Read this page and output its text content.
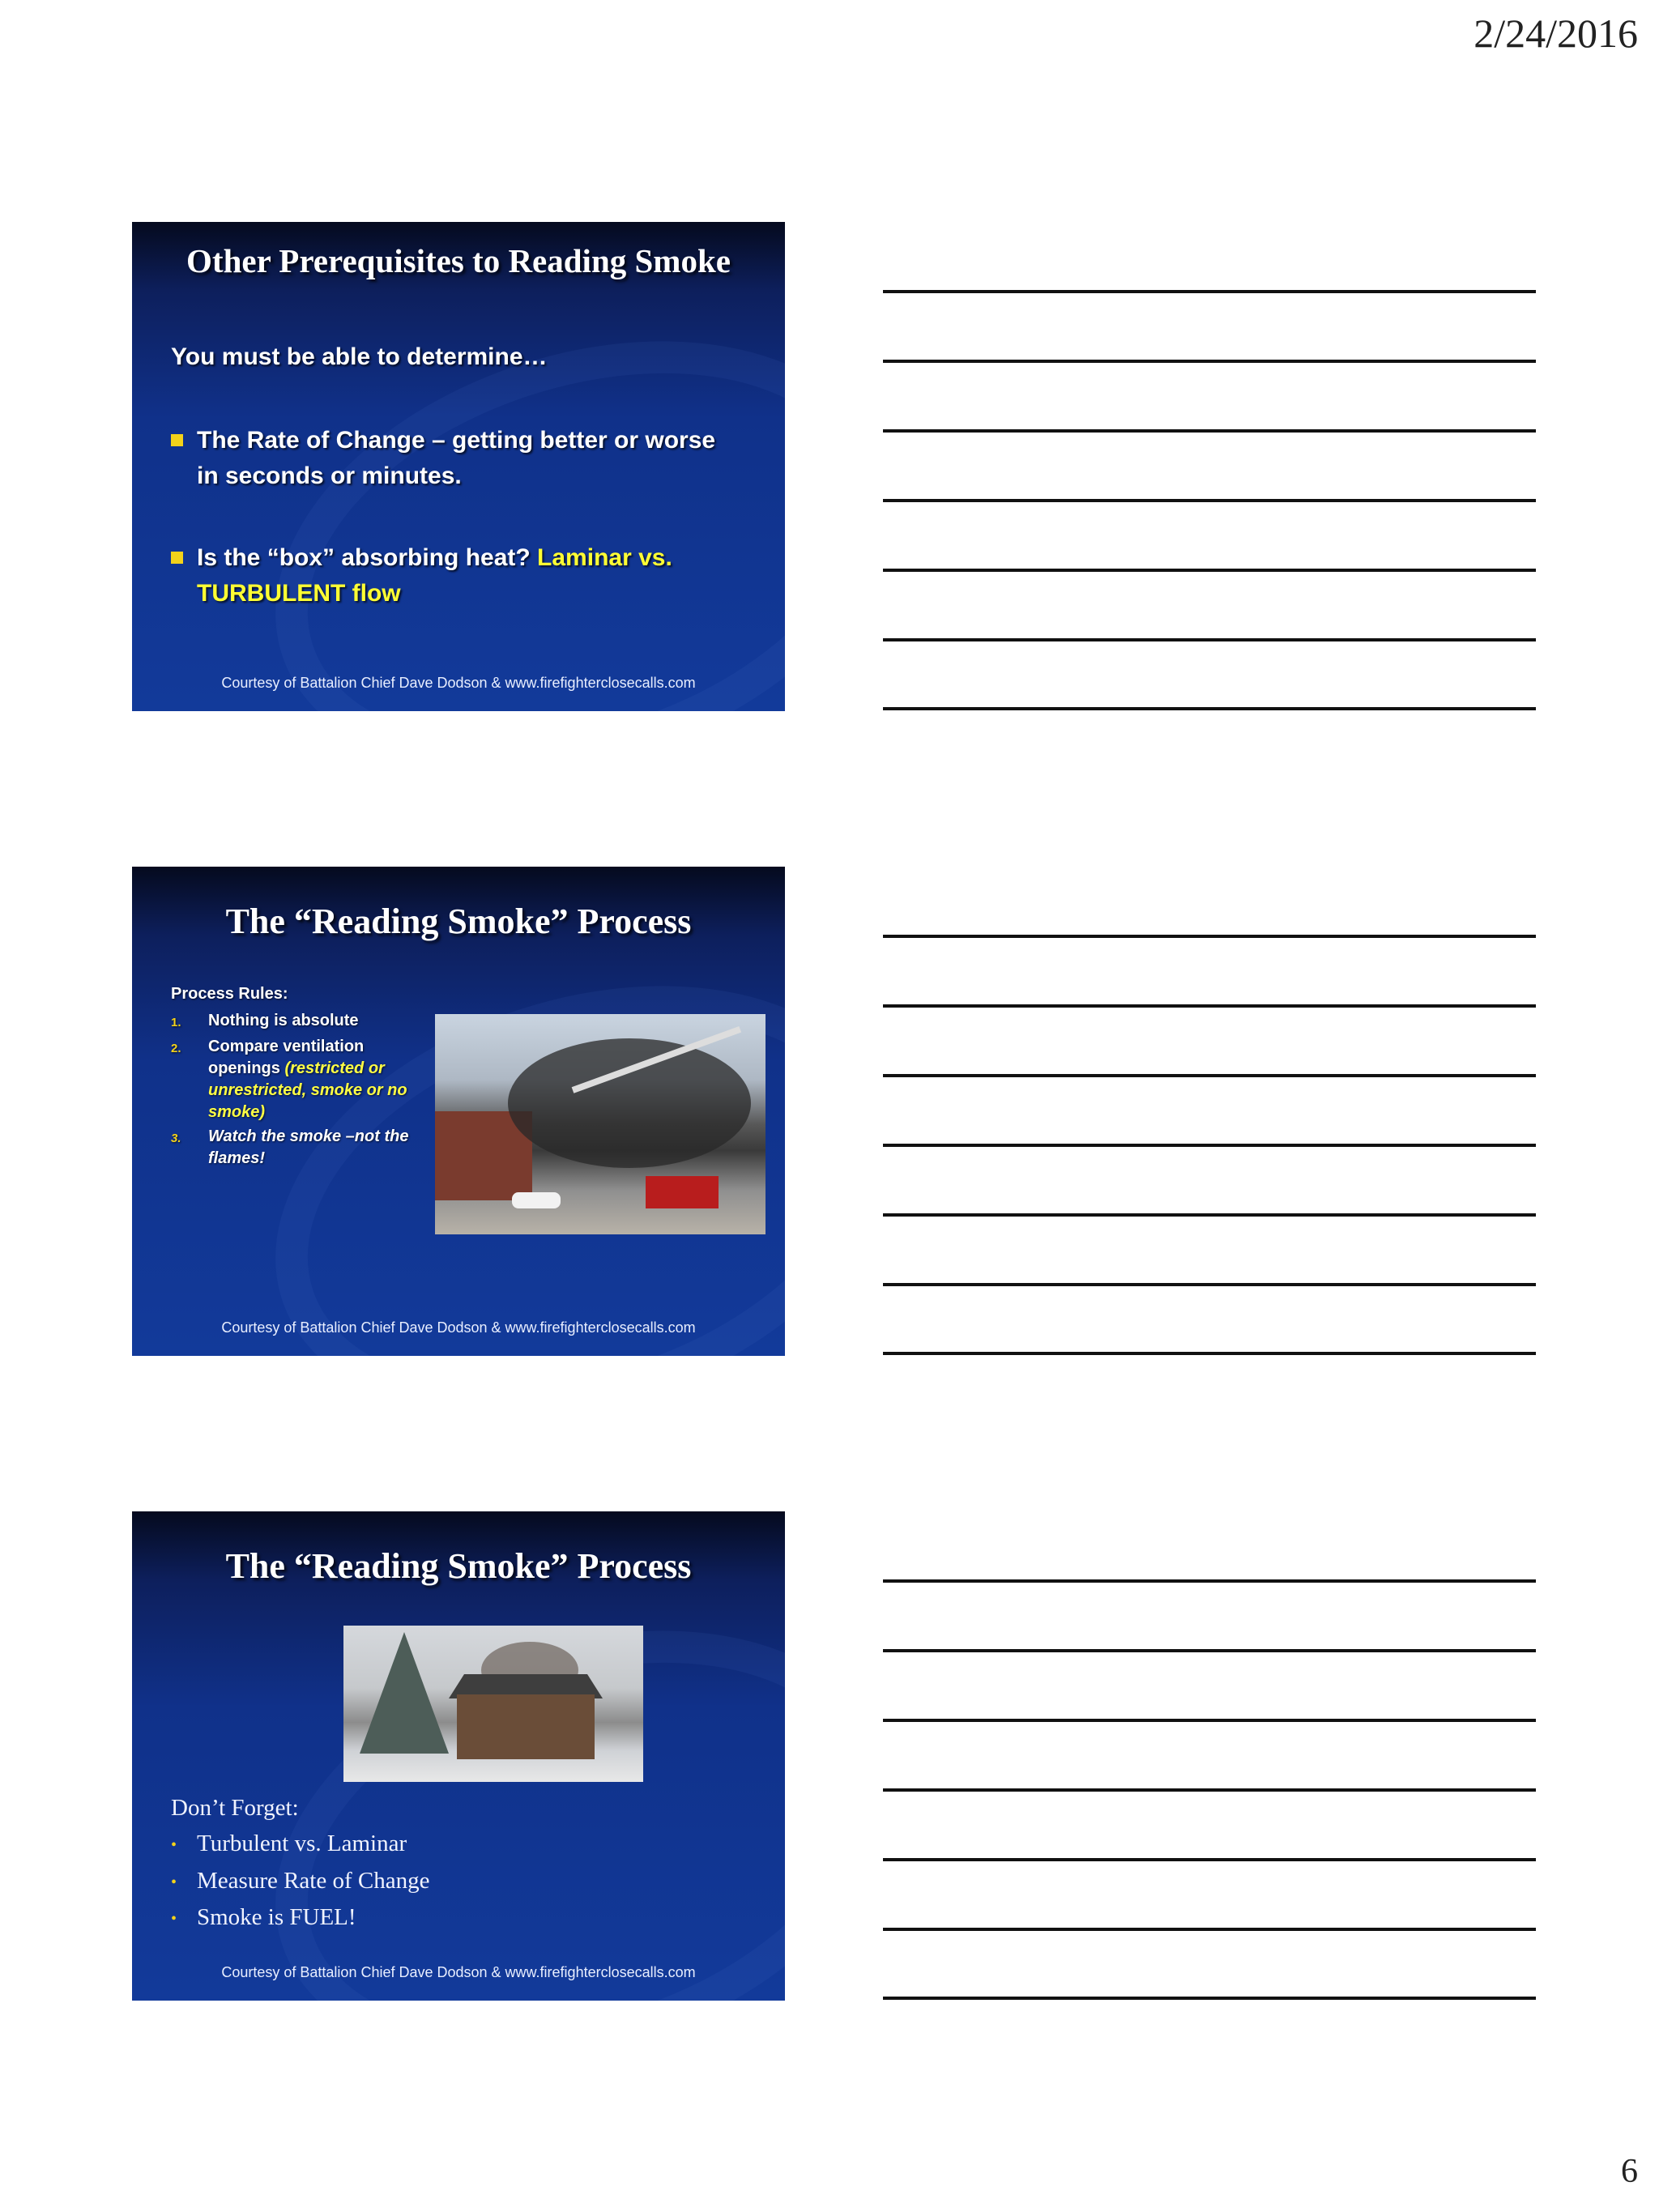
2/24/2016
Other Prerequisites to Reading Smoke
You must be able to determine…
The Rate of Change – getting better or worse in seconds or minutes.
Is the “box” absorbing heat? Laminar vs. TURBULENT flow
Courtesy of Battalion Chief Dave Dodson & www.firefighterclosecalls.com
The “Reading Smoke” Process
Process Rules:
1. Nothing is absolute
2. Compare ventilation openings (restricted or unrestricted, smoke or no smoke)
3. Watch the smoke –not the flames!
Courtesy of Battalion Chief Dave Dodson & www.firefighterclosecalls.com
The “Reading Smoke” Process
Don’t Forget:
• Turbulent vs. Laminar
• Measure Rate of Change
• Smoke is FUEL!
Courtesy of Battalion Chief Dave Dodson & www.firefighterclosecalls.com
6
